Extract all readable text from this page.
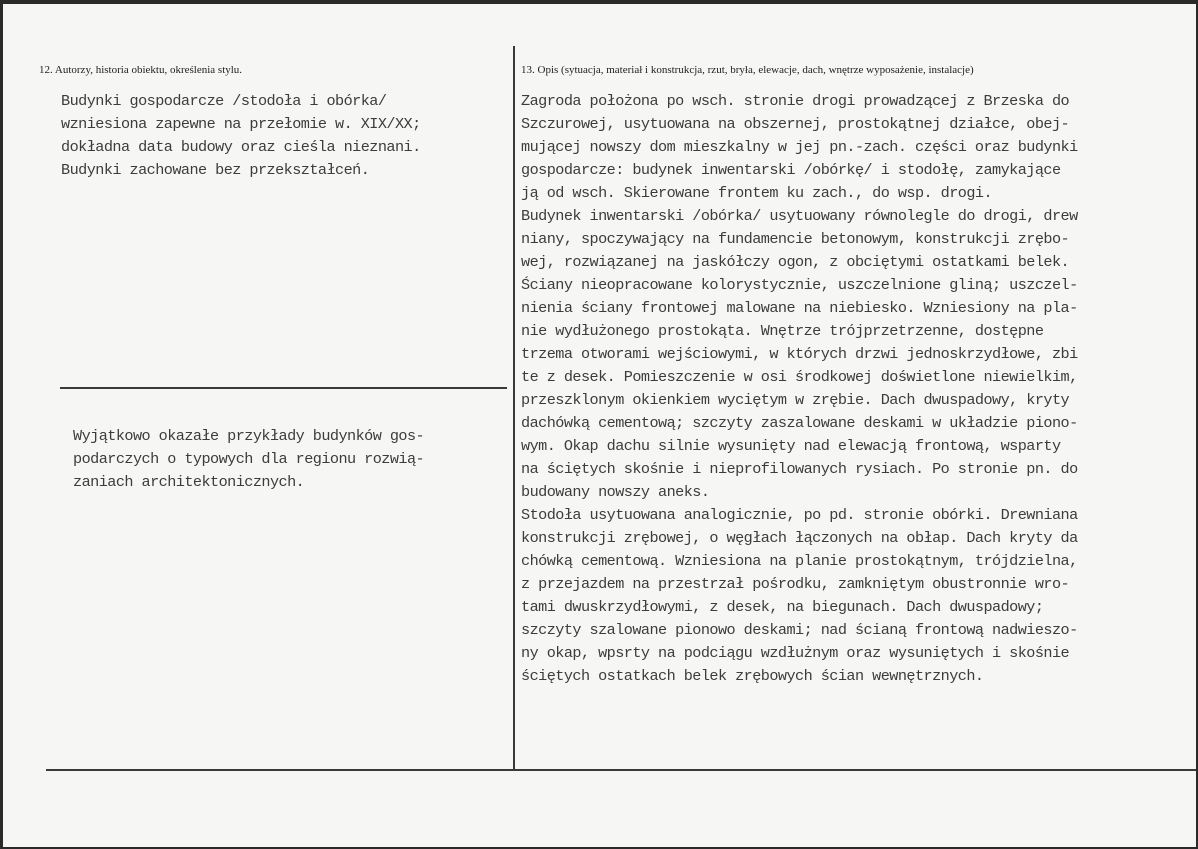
12. Autorzy, historia obiektu, określenia stylu.	13. Opis (sytuacja, materiał i konstrukcja, rzut, bryła, elewacje, dach, wnętrze wyposażenie, instalacje)
Budynki gospodarcze /stodoła i obórka/
wzniesiona zapewne na przełomie w. XIX/XX;
dokładna data budowy oraz cieśla nieznani.
Budynki zachowane bez przekształceń.
Wyjątkowo okazałe przykłady budynków gos-
podarczych o typowych dla regionu rozwią-
zaniach architektonicznych.
Zagroda położona po wsch. stronie drogi prowadzącej z Brzeska do
Szczurowej, usytuowana na obszernej, prostokątnej działce, obej-
mującej nowszy dom mieszkalny w jej pn.-zach. części oraz budynki
gospodarcze: budynek inwentarski /obórkę/ i stodołę, zamykające
ją od wsch. Skierowane frontem ku zach., do wsp. drogi.
Budynek inwentarski /obórka/ usytuowany równolegle do drogi, drew
niany, spoczywający na fundamencie betonowym, konstrukcji zrębo-
wej, rozwiązanej na jaskółczy ogon, z obciętymi ostatkami belek.
Ściany nieopracowane kolorystycznie, uszczelnione gliną; uszczel-
nienia ściany frontowej malowane na niebiesko. Wzniesiony na pla-
nie wydłużonego prostokąta. Wnętrze trójprzetrzenne, dostępne
trzema otworami wejściowymi, w których drzwi jednoskrzydłowe, zbi
te z desek. Pomieszczenie w osi środkowej doświetlone niewielkim,
przeszklonym okienkiem wyciętym w zrębie. Dach dwuspadowy, kryty
dachówką cementową; szczyty zaszalowane deskami w układzie piono-
wym. Okap dachu silnie wysunięty nad elewacją frontową, wsparty
na ściętych skośnie i nieprofilowanych rysiach. Po stronie pn. do
budowany nowszy aneks.
Stodoła usytuowana analogicznie, po pd. stronie obórki. Drewniana
konstrukcji zrębowej, o węgłach łączonych na obłap. Dach kryty da
chówką cementową. Wzniesiona na planie prostokątnym, trójdzielna,
z przejazdem na przestrzał pośrodku, zamkniętym obustronnie wro-
tami dwuskrzydłowymi, z desek, na biegunach. Dach dwuspadowy;
szczyty szalowane pionowo deskami; nad ścianą frontową nadwieszo-
ny okap, wpsrty na podciągu wzdłużnym oraz wysuniętych i skośnie
ściętych ostatkach belek zrębowych ścian wewnętrznych.
